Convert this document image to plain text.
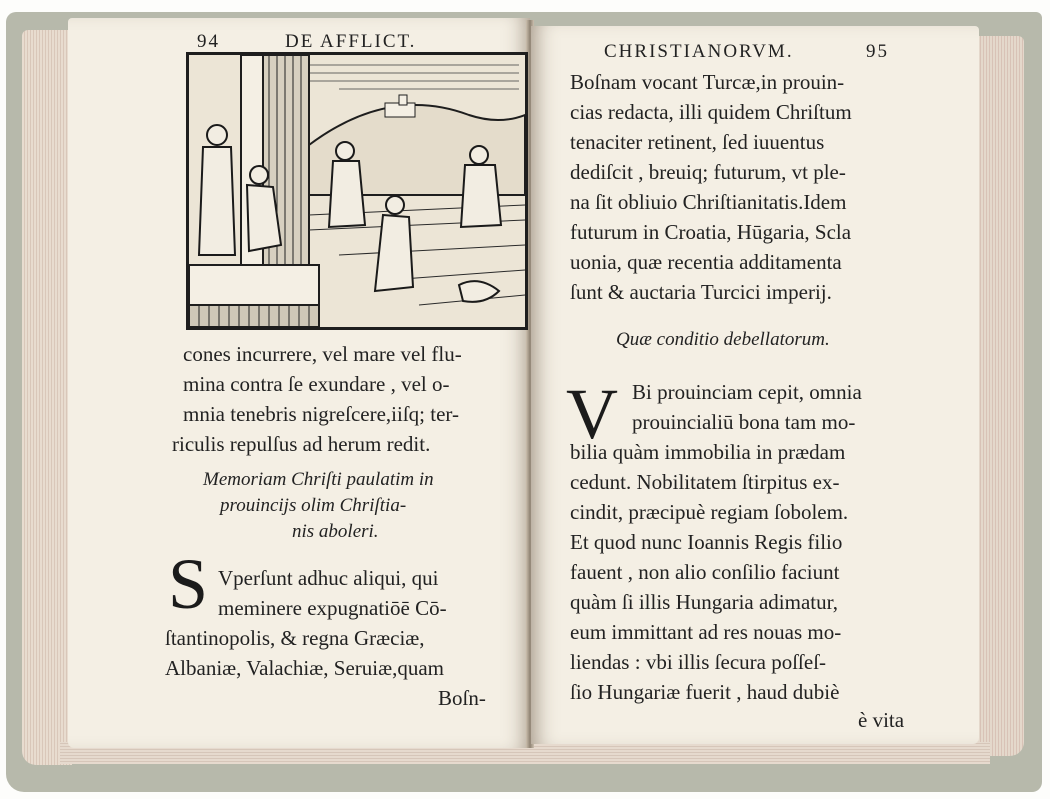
94	DE AFFLICT.
cones incurrere, vel mare vel flu-
mina contra ſe exundare , vel o-
mnia tenebris nigreſcere,iiſq; ter-
riculis repulſus ad herum redit.
Memoriam Chriſti paulatim in
prouincijs olim Chriſtia-
nis aboleri.
S Vperſunt adhuc aliqui, qui
meminere expugnatiōē Cō-
ſtantinopolis, & regna Græciæ,
Albaniæ, Valachiæ, Seruiæ,quam
Boſn-
CHRISTIANORVM.	95
Boſnam vocant Turcæ,in prouin-
cias redacta, illi quidem Chriſtum
tenaciter retinent, ſed iuuentus
dediſcit , breuiq; futurum, vt ple-
na ſit obliuio Chriſtianitatis.Idem
futurum in Croatia, Hūgaria, Scla
uonia, quæ recentia additamenta
ſunt & auctaria Turcici imperij.
Quæ conditio debellatorum.
V Bi prouinciam cepit, omnia
prouincialiū bona tam mo-
bilia quàm immobilia in prædam
cedunt. Nobilitatem ſtirpitus ex-
cindit, præcipuè regiam ſobolem.
Et quod nunc Ioannis Regis filio
fauent , non alio conſilio faciunt
quàm ſi illis Hungaria adimatur,
eum immittant ad res nouas mo-
liendas : vbi illis ſecura poſſeſ-
ſio Hungariæ fuerit , haud dubiè
è vita
